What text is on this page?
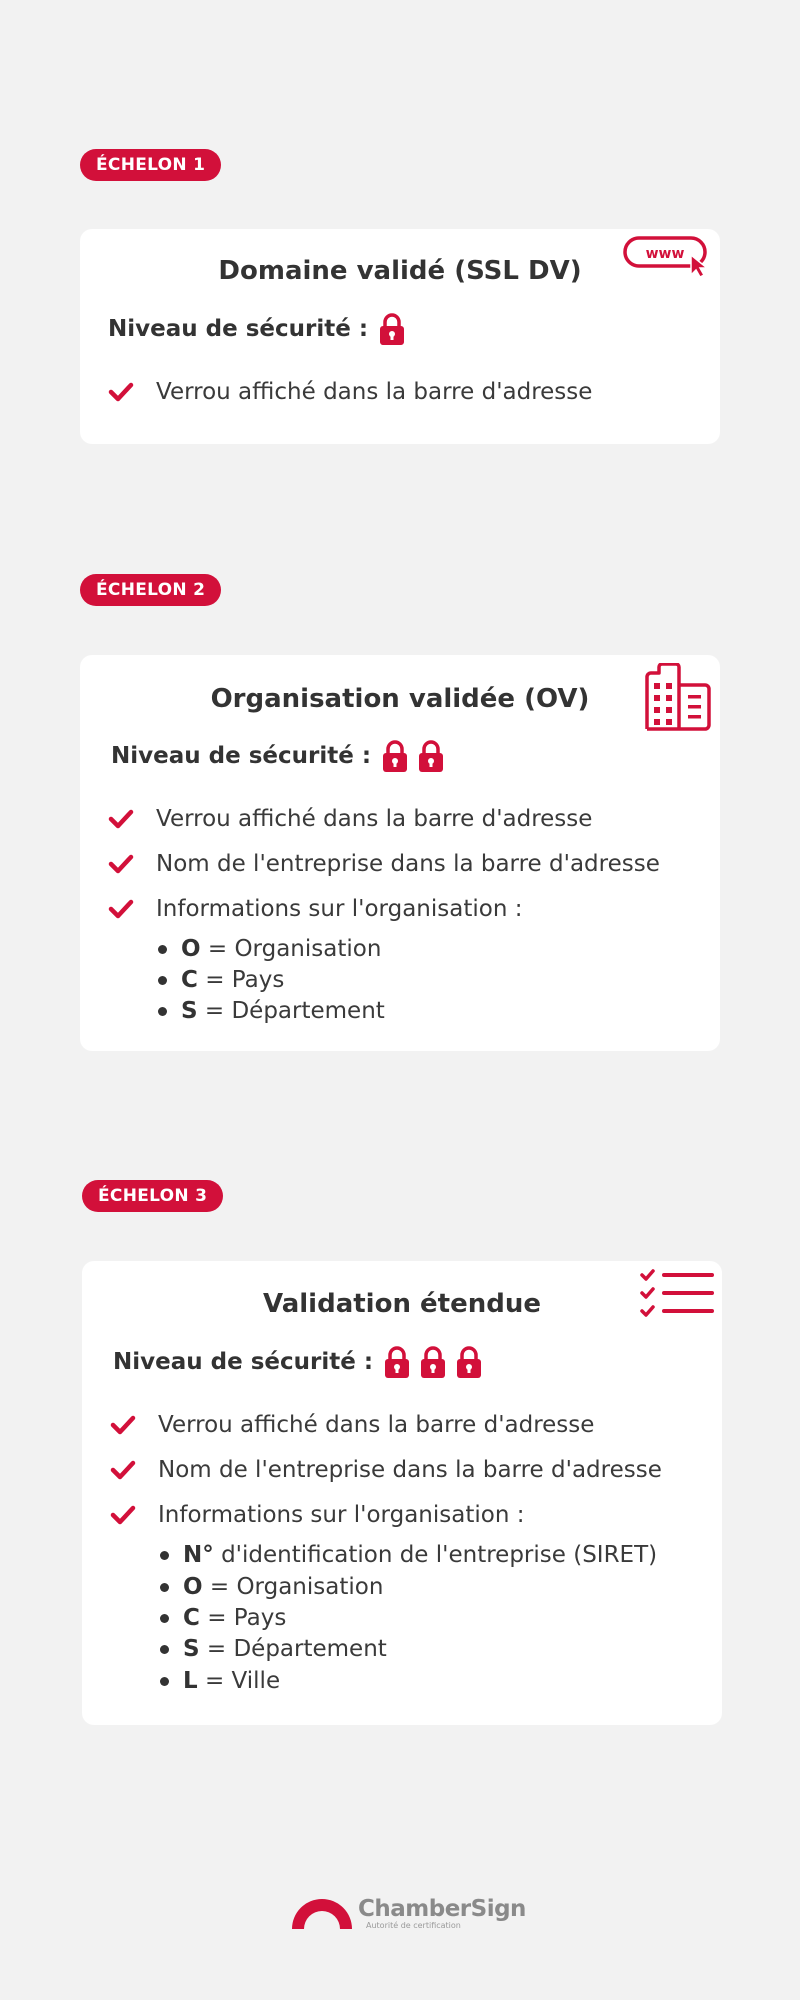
ÉCHELON 1
Domaine validé (SSL DV)
www
Niveau de sécurité :
Verrou affiché dans la barre d'adresse
ÉCHELON 2
Organisation validée (OV)
Niveau de sécurité :
Verrou affiché dans la barre d'adresse
Nom de l'entreprise dans la barre d'adresse
Informations sur l'organisation :
O
= Organisation
C
= Pays
S
= Département
ÉCHELON 3
Validation étendue
Niveau de sécurité :
Verrou affiché dans la barre d'adresse
Nom de l'entreprise dans la barre d'adresse
Informations sur l'organisation :
N°
d'identification de l'entreprise (SIRET)
O
= Organisation
C
= Pays
S
= Département
L
= Ville
ChamberSign
Autorité de certification
